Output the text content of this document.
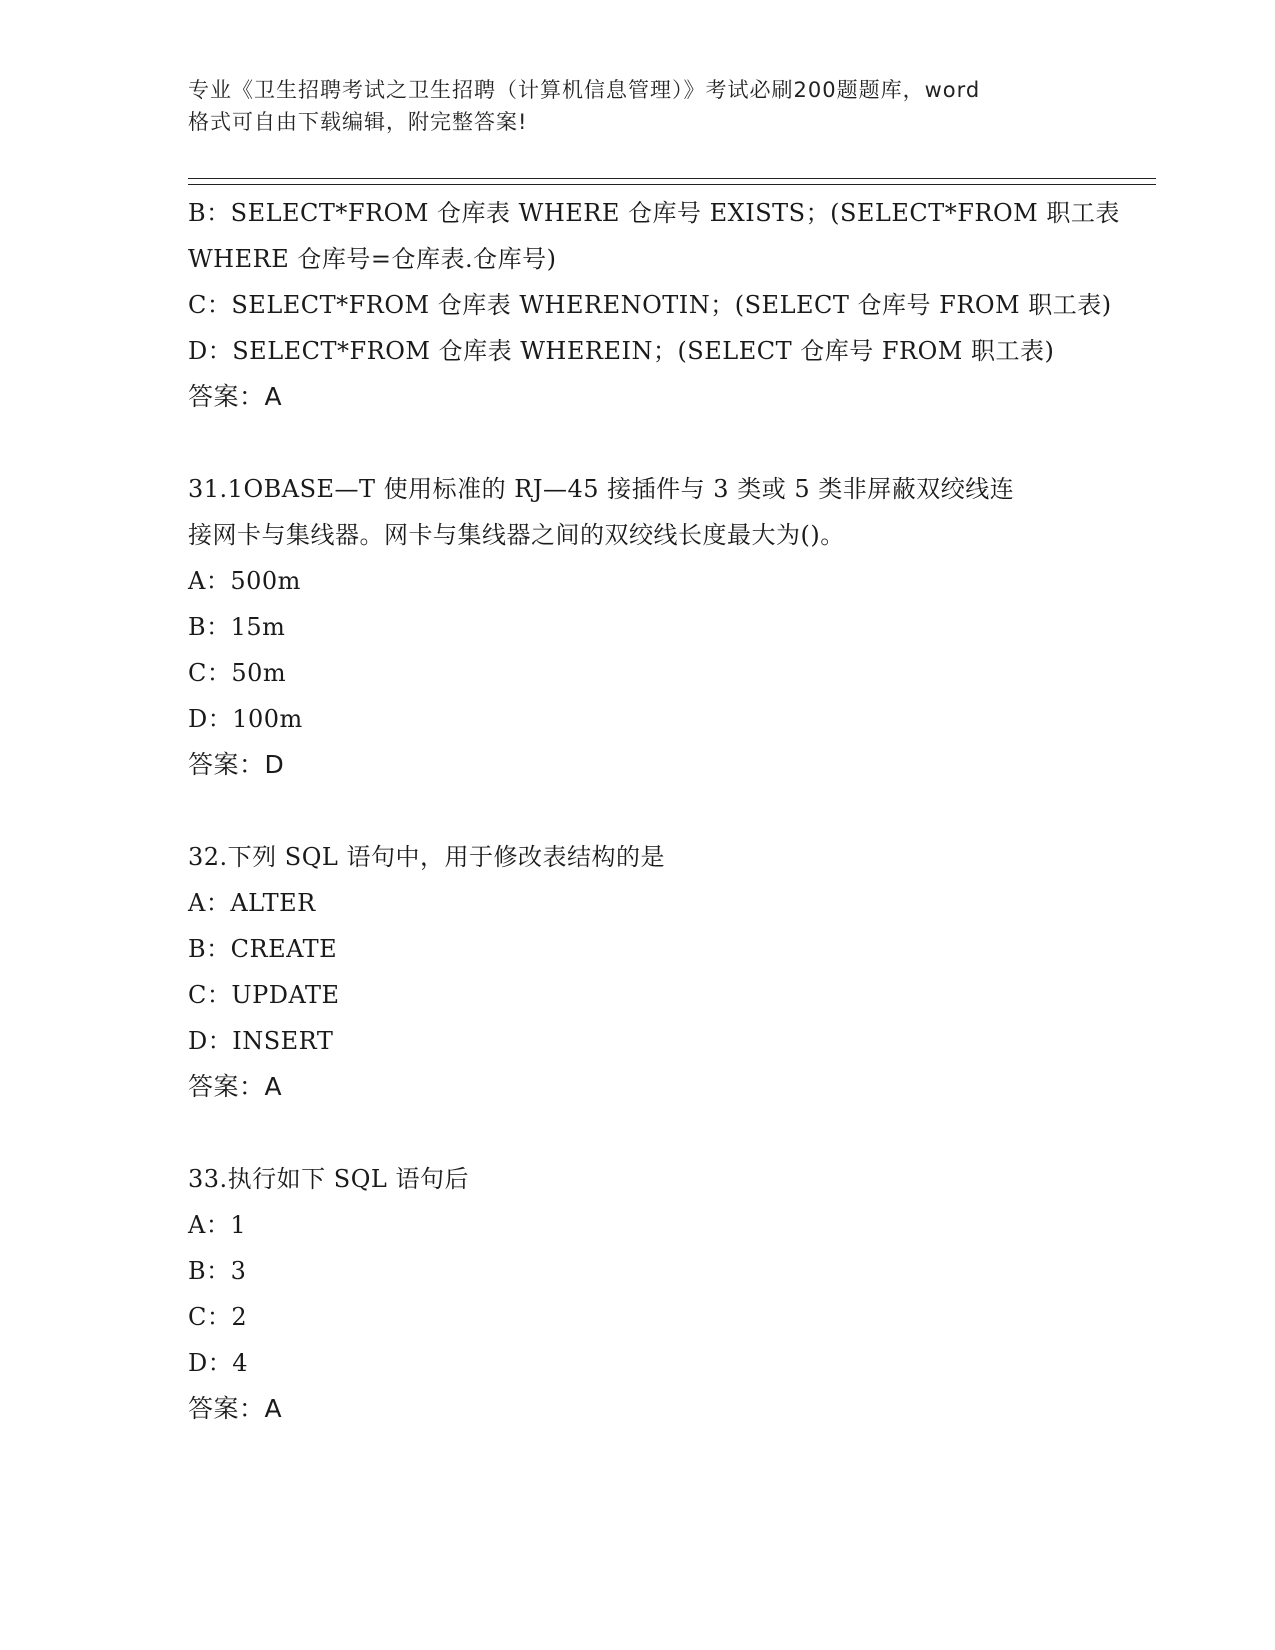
专业《卫生招聘考试之卫生招聘（计算机信息管理）》考试必刷200题题库，word
格式可自由下载编辑，附完整答案!
B：SELECT*FROM 仓库表 WHERE 仓库号 EXISTS；(SELECT*FROM 职工表
WHERE 仓库号=仓库表.仓库号)
C：SELECT*FROM 仓库表 WHERENOTIN；(SELECT 仓库号 FROM 职工表)
D：SELECT*FROM 仓库表 WHEREIN；(SELECT 仓库号 FROM 职工表)
答案：A
31.1OBASE—T 使用标准的 RJ—45 接插件与 3 类或 5 类非屏蔽双绞线连
接网卡与集线器。网卡与集线器之间的双绞线长度最大为()。
A：500m
B：15m
C：50m
D：100m
答案：D
32.下列 SQL 语句中，用于修改表结构的是
A：ALTER
B：CREATE
C：UPDATE
D：INSERT
答案：A
33.执行如下 SQL 语句后
A：1
B：3
C：2
D：4
答案：A
